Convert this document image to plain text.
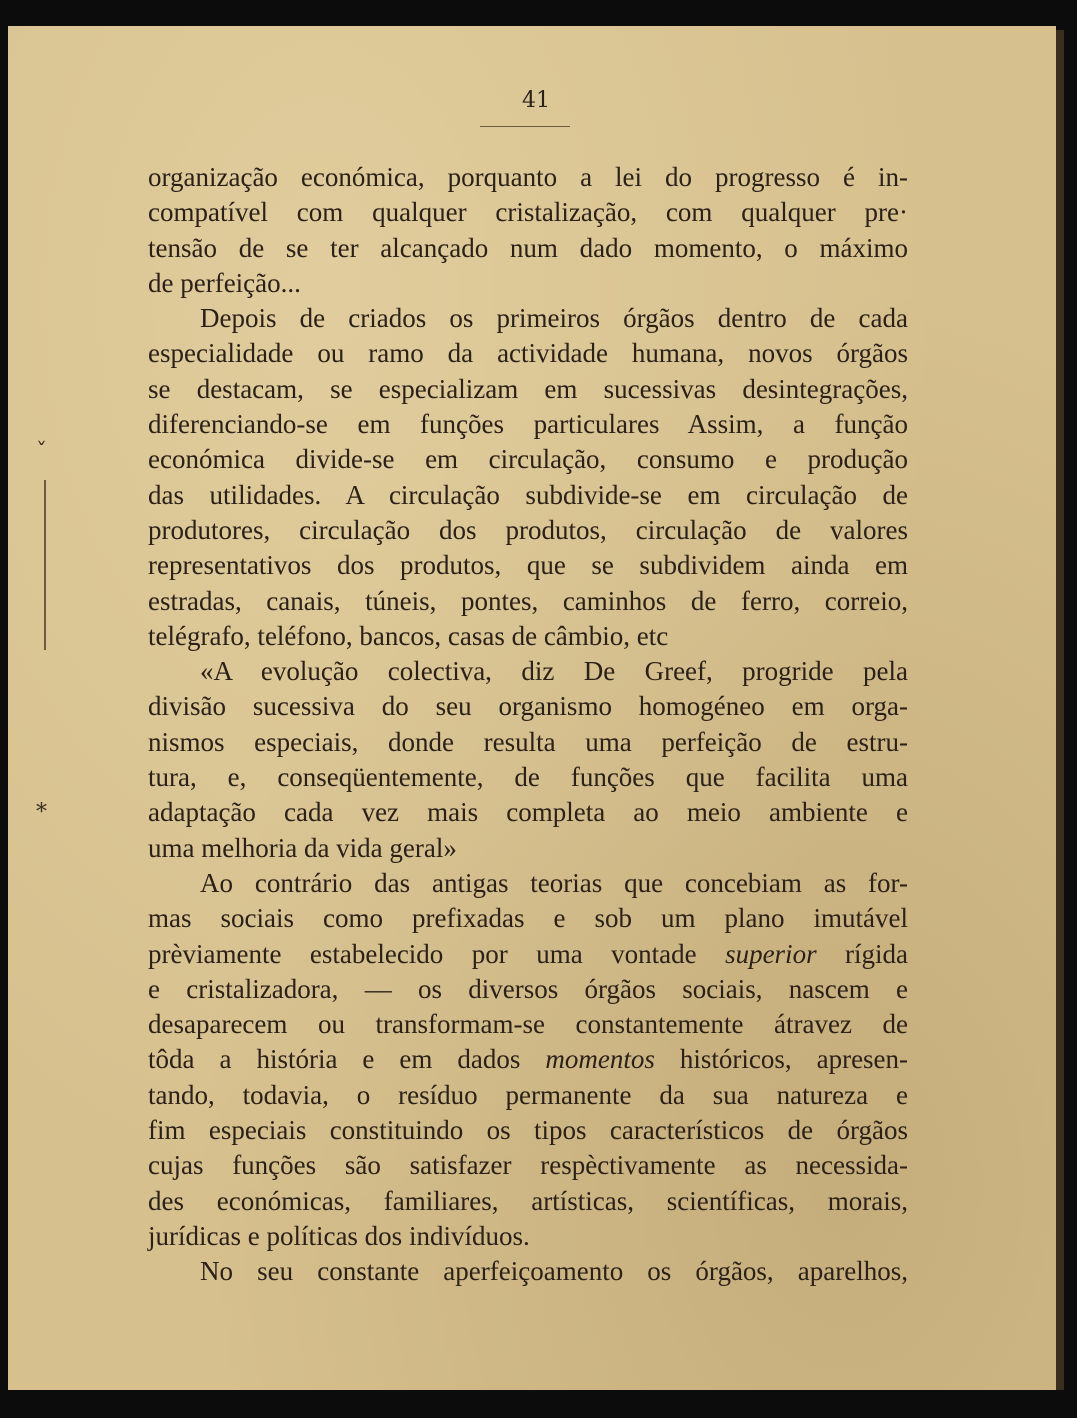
ˇ
*
41

organização económica, porquanto a lei do progresso é in-

compatível com qualquer cristalização, com qualquer pre·

tensão de se ter alcançado num dado momento, o máximo

de perfeição...

Depois de criados os primeiros órgãos dentro de cada

especialidade ou ramo da actividade humana, novos órgãos

se destacam, se especializam em sucessivas desintegrações,

diferenciando-se em funções particulares Assim, a função

económica divide-se em circulação, consumo e produção

das utilidades. A circulação subdivide-se em circulação de

produtores, circulação dos produtos, circulação de valores

representativos dos produtos, que se subdividem ainda em

estradas, canais, túneis, pontes, caminhos de ferro, correio,

telégrafo, teléfono, bancos, casas de câmbio, etc

«A evolução colectiva, diz De Greef, progride pela

divisão sucessiva do seu organismo homogéneo em orga-

nismos especiais, donde resulta uma perfeição de estru-

tura, e, conseqüentemente, de funções que facilita uma

adaptação cada vez mais completa ao meio ambiente e

uma melhoria da vida geral»

Ao contrário das antigas teorias que concebiam as for-

mas sociais como prefixadas e sob um plano imutável

prèviamente estabelecido por uma vontade superior rígida

e cristalizadora, — os diversos órgãos sociais, nascem e

desaparecem ou transformam-se constantemente átravez de

tôda a história e em dados momentos históricos, apresen-

tando, todavia, o resíduo permanente da sua natureza e

fim especiais constituindo os tipos característicos de órgãos

cujas funções são satisfazer respèctivamente as necessida-

des económicas, familiares, artísticas, scientíficas, morais,

jurídicas e políticas dos indivíduos.

No seu constante aperfeiçoamento os órgãos, aparelhos,
